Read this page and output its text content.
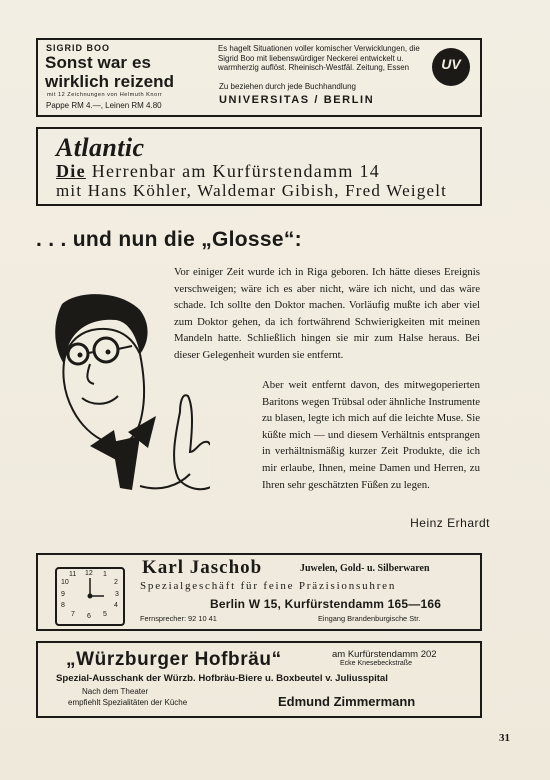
SIGRID BOO
Sonst war es
wirklich reizend
mit 12 Zeichnungen von Helmuth Knorr
Pappe RM 4.—, Leinen RM 4.80
Es hagelt Situationen voller komischer Verwicklungen, die Sigrid Boo mit liebenswürdiger Neckerei entwickelt u. warmherzig auflöst. Rheinisch-Westfäl. Zeitung, Essen
Zu beziehen durch jede Buchhandlung
UNIVERSITAS / BERLIN
UV
Atlantic
Die Herrenbar am Kurfürstendamm 14
mit Hans Köhler, Waldemar Gibish, Fred Weigelt
. . . und nun die „Glosse“:

Vor einiger Zeit wurde ich in Riga geboren. Ich hätte dieses Ereignis verschweigen; wäre ich es aber nicht, wäre ich nicht, und das wäre schade. Ich sollte den Doktor machen. Vorläufig mußte ich aber viel zum Doktor gehen, da ich fortwährend Schwierigkeiten mit meinen Mandeln hatte. Schließlich hingen sie mir zum Halse heraus. Bei dieser Gelegenheit wurden sie entfernt.

Aber weit entfernt davon, des mitwegoperierten Baritons wegen Trübsal oder ähnliche Instrumente zu blasen, legte ich mich auf die leichte Muse. Sie küßte mich — und diesem Verhältnis entsprangen in verhältnismäßig kurzer Zeit Produkte, die ich mir erlaube, Ihnen, meine Damen und Herren, zu Ihren sehr geschätzten Füßen zu legen.

Heinz Erhardt
11 12 1
10	2
9	3
8	4
7 6 5
Karl Jaschob	Juwelen, Gold- u. Silberwaren
Spezialgeschäft für feine Präzisionsuhren
Berlin W 15, Kurfürstendamm 165—166
Fernsprecher: 92 10 41	Eingang Brandenburgische Str.
„Würzburger Hofbräu“	am Kurfürstendamm 202
Ecke Knesebeckstraße
Spezial-Ausschank der Würzb. Hofbräu-Biere u. Boxbeutel v. Juliusspital
Nach dem Theater
empfiehlt Spezialitäten der Küche	Edmund Zimmermann
31
